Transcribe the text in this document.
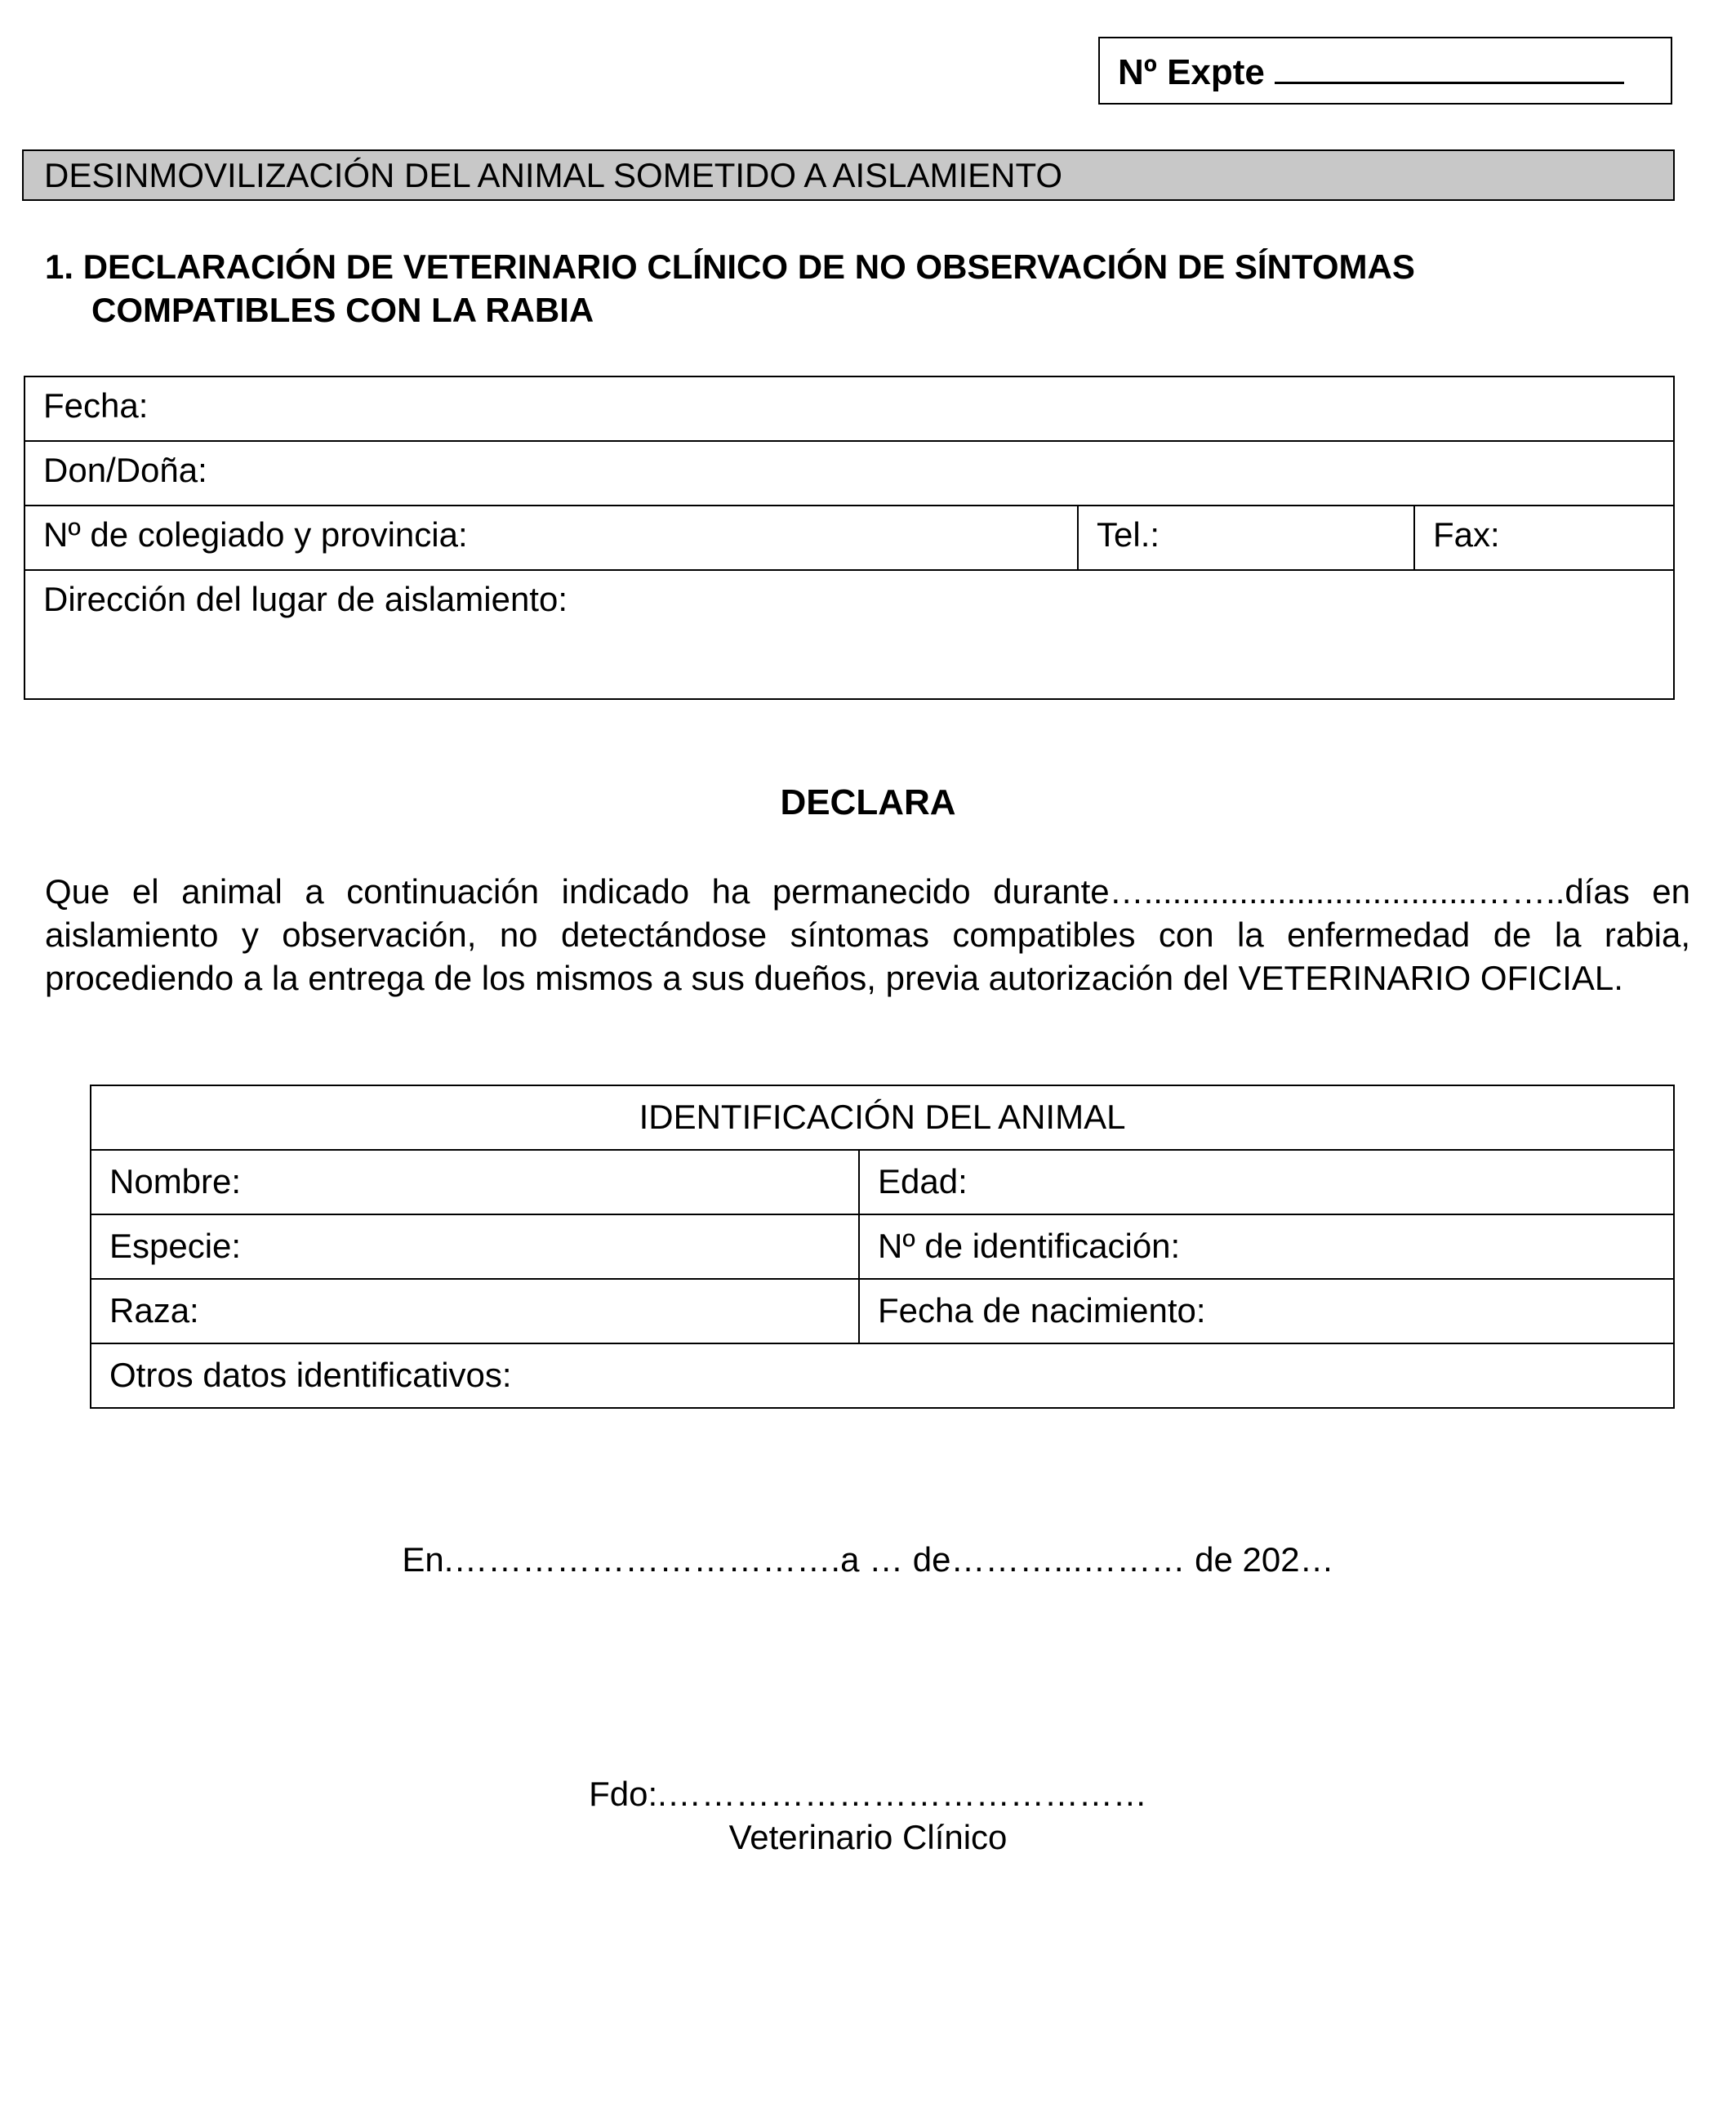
Nº Expte
DESINMOVILIZACIÓN DEL ANIMAL SOMETIDO A AISLAMIENTO
1. DECLARACIÓN DE VETERINARIO CLÍNICO DE NO OBSERVACIÓN DE SÍNTOMAS
COMPATIBLES CON LA RABIA
Fecha:
Don/Doña:
Nº de colegiado y provincia:	Tel.:	Fax:
Dirección del lugar de aislamiento:
DECLARA
Que el animal a continuación indicado ha permanecido durante…...................................……..días en aislamiento y observación, no detectándose síntomas compatibles con la enfermedad de la rabia, procediendo a la entrega de los mismos a sus dueños, previa autorización del VETERINARIO OFICIAL.
IDENTIFICACIÓN DEL ANIMAL	
Nombre:	Edad:
Especie:	Nº de identificación:
Raza:	Fecha de nacimiento:
Otros datos identificativos:	
En.…………………………….a … de………...……… de 202…
Fdo:.……………………………………
Veterinario Clínico
